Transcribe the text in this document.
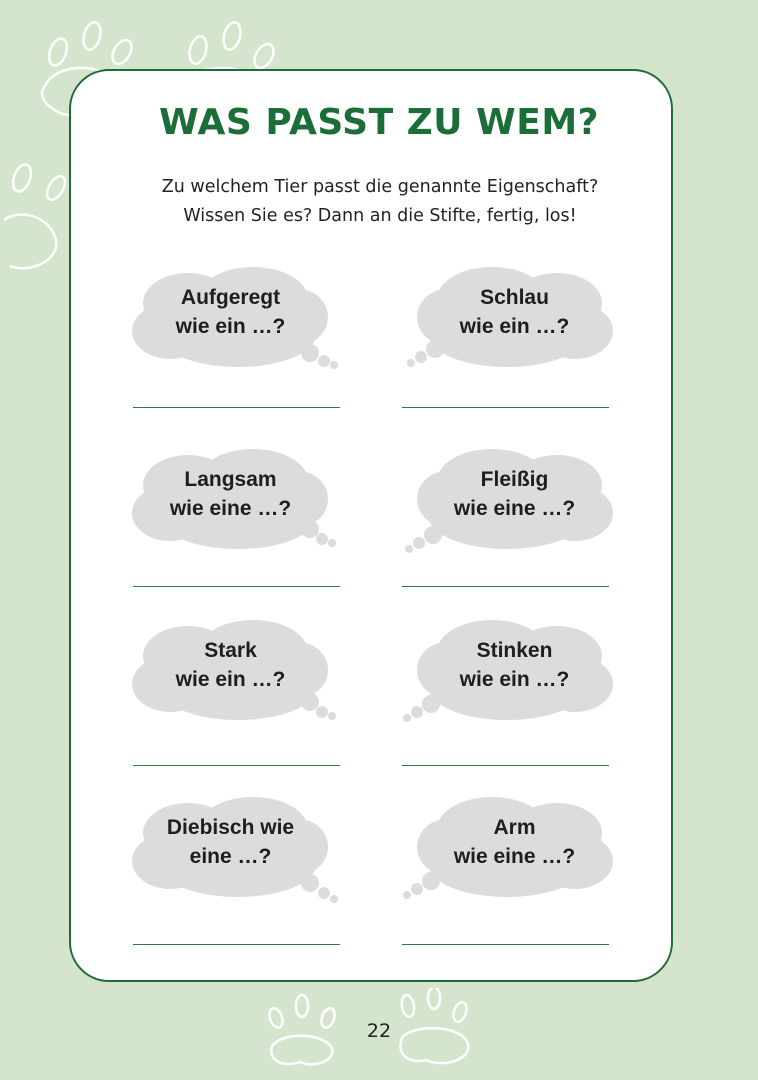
WAS PASST ZU WEM?
Zu welchem Tier passt die genannte Eigenschaft?
Wissen Sie es? Dann an die Stifte, fertig, los!
Aufgeregt
wie ein …?
Langsam
wie eine …?
Stark
wie ein …?
Diebisch wie
eine …?
Schlau
wie ein …?
Fleißig
wie eine …?
Stinken
wie ein …?
Arm
wie eine …?
22
